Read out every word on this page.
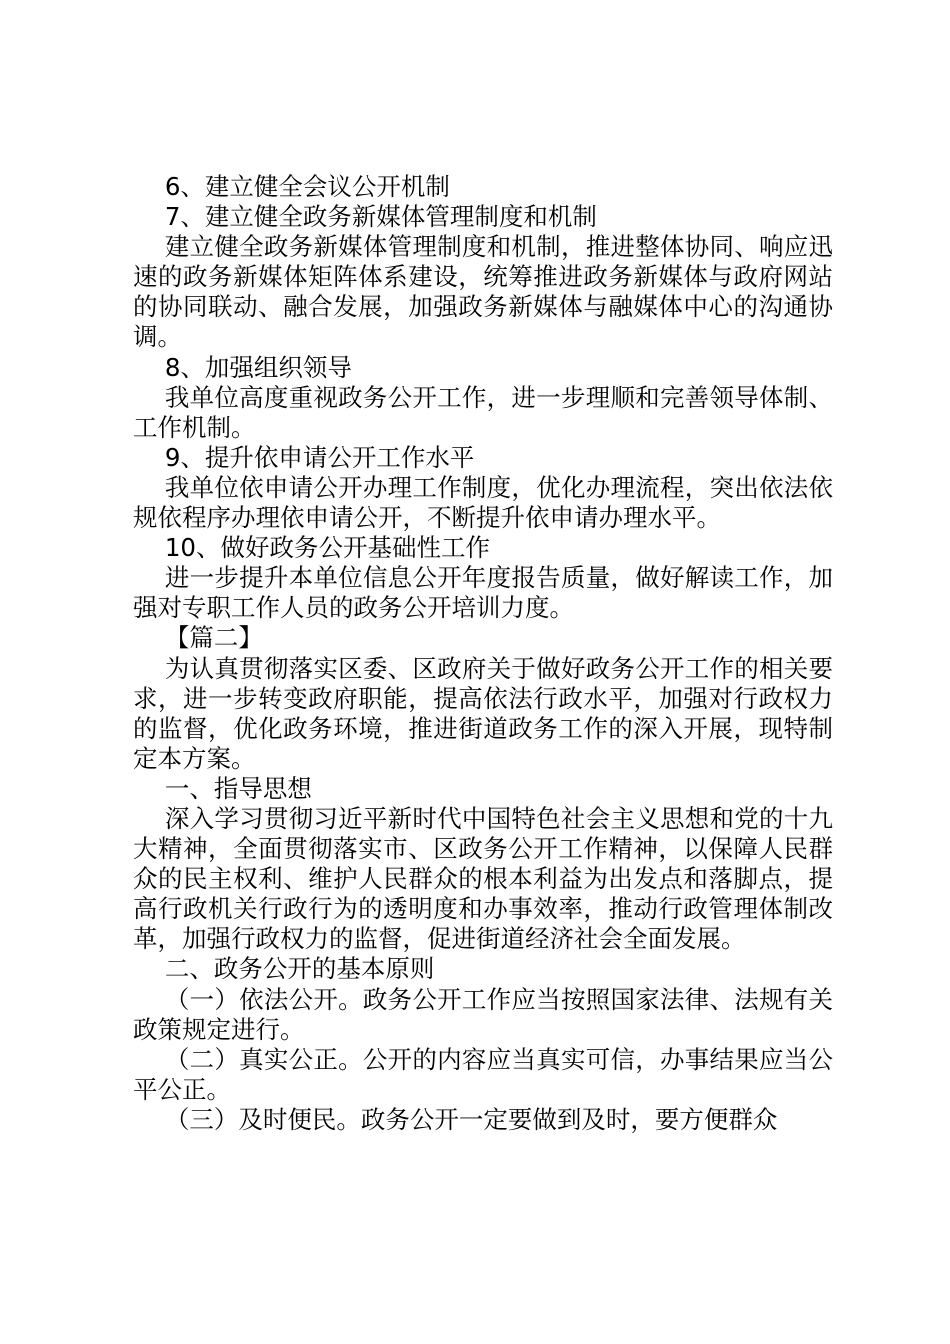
6、建立健全会议公开机制

7、建立健全政务新媒体管理制度和机制

建立健全政务新媒体管理制度和机制，推进整体协同、响应迅速的政务新媒体矩阵体系建设，统筹推进政务新媒体与政府网站的协同联动、融合发展，加强政务新媒体与融媒体中心的沟通协调。

8、加强组织领导

我单位高度重视政务公开工作，进一步理顺和完善领导体制、工作机制。

9、提升依申请公开工作水平

我单位依申请公开办理工作制度，优化办理流程，突出依法依规依程序办理依申请公开，不断提升依申请办理水平。

10、做好政务公开基础性工作

进一步提升本单位信息公开年度报告质量，做好解读工作，加强对专职工作人员的政务公开培训力度。

【篇二】

为认真贯彻落实区委、区政府关于做好政务公开工作的相关要求，进一步转变政府职能，提高依法行政水平，加强对行政权力的监督，优化政务环境，推进街道政务工作的深入开展，现特制定本方案。

一、指导思想

深入学习贯彻习近平新时代中国特色社会主义思想和党的十九大精神，全面贯彻落实市、区政务公开工作精神，以保障人民群众的民主权利、维护人民群众的根本利益为出发点和落脚点，提高行政机关行政行为的透明度和办事效率，推动行政管理体制改革，加强行政权力的监督，促进街道经济社会全面发展。

二、政务公开的基本原则

（一）依法公开。政务公开工作应当按照国家法律、法规有关政策规定进行。

（二）真实公正。公开的内容应当真实可信，办事结果应当公平公正。

（三）及时便民。政务公开一定要做到及时，要方便群众
